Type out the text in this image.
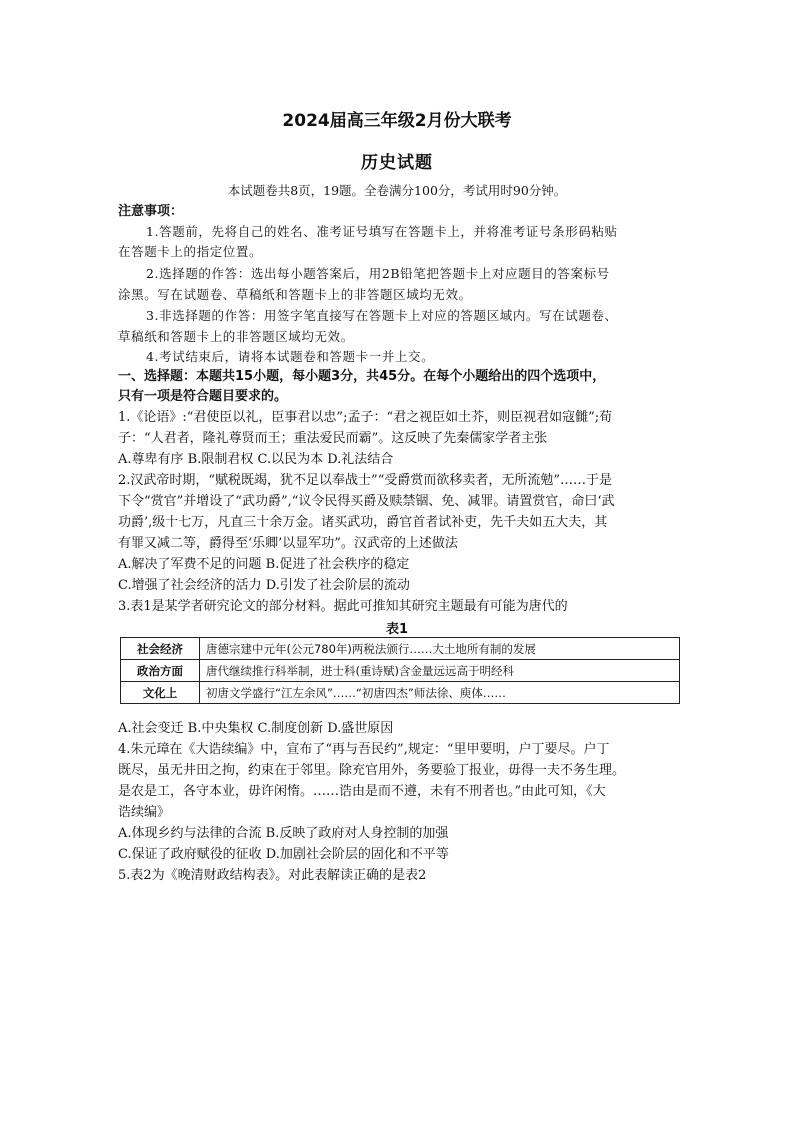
2024届高三年级2月份大联考
历史试题
本试题卷共8页，19题。全卷满分100分，考试用时90分钟。
注意事项：
1.答题前，先将自己的姓名、准考证号填写在答题卡上，并将准考证号条形码粘贴
在答题卡上的指定位置。
2.选择题的作答：选出每小题答案后，用2B铅笔把答题卡上对应题目的答案标号
涂黑。写在试题卷、草稿纸和答题卡上的非答题区域均无效。
3.非选择题的作答：用签字笔直接写在答题卡上对应的答题区域内。写在试题卷、
草稿纸和答题卡上的非答题区域均无效。
4.考试结束后，请将本试题卷和答题卡一并上交。
一、选择题：本题共15小题，每小题3分，共45分。在每个小题给出的四个选项中，
只有一项是符合题目要求的。
1.《论语》:“君使臣以礼，臣事君以忠”;孟子：“君之视臣如土芥，则臣视君如寇雠”;荀
子：“人君者，隆礼尊贤而王；重法爱民而霸”。这反映了先秦儒家学者主张
A.尊卑有序 B.限制君权 C.以民为本 D.礼法结合
2.汉武帝时期，“赋税既竭，犹不足以奉战士”“受爵赏而欲移卖者，无所流勉”……于是
下令“赏官”并增设了“武功爵”,“议令民得买爵及赎禁锢、免、减罪。请置赏官，命曰‘武
功爵’,级十七万，凡直三十余万金。诸买武功，爵官首者试补吏，先千夫如五大夫，其
有罪又减二等，爵得至‘乐卿’以显军功”。汉武帝的上述做法
A.解决了军费不足的问题 B.促进了社会秩序的稳定
C.增强了社会经济的活力 D.引发了社会阶层的流动
3.表1是某学者研究论文的部分材料。据此可推知其研究主题最有可能为唐代的
表1
社会经济	唐德宗建中元年(公元780年)两税法颁行……大土地所有制的发展
政治方面	唐代继续推行科举制，进士科(重诗赋)含金量远远高于明经科
文化上	初唐文学盛行“江左余风”……“初唐四杰”师法徐、庾体……
A.社会变迁 B.中央集权 C.制度创新 D.盛世原因
4.朱元璋在《大诰续编》中，宣布了“再与吾民约”,规定：“里甲要明，户丁要尽。户丁
既尽，虽无井田之拘，约束在于邻里。除充官用外，务要验丁报业，毋得一夫不务生理。
是农是工，各守本业，毋许闲惰。……诰由是而不遵，未有不刑者也。”由此可知，《大
诰续编》
A.体现乡约与法律的合流 B.反映了政府对人身控制的加强
C.保证了政府赋役的征收 D.加剧社会阶层的固化和不平等
5.表2为《晚清财政结构表》。对此表解读正确的是表2
